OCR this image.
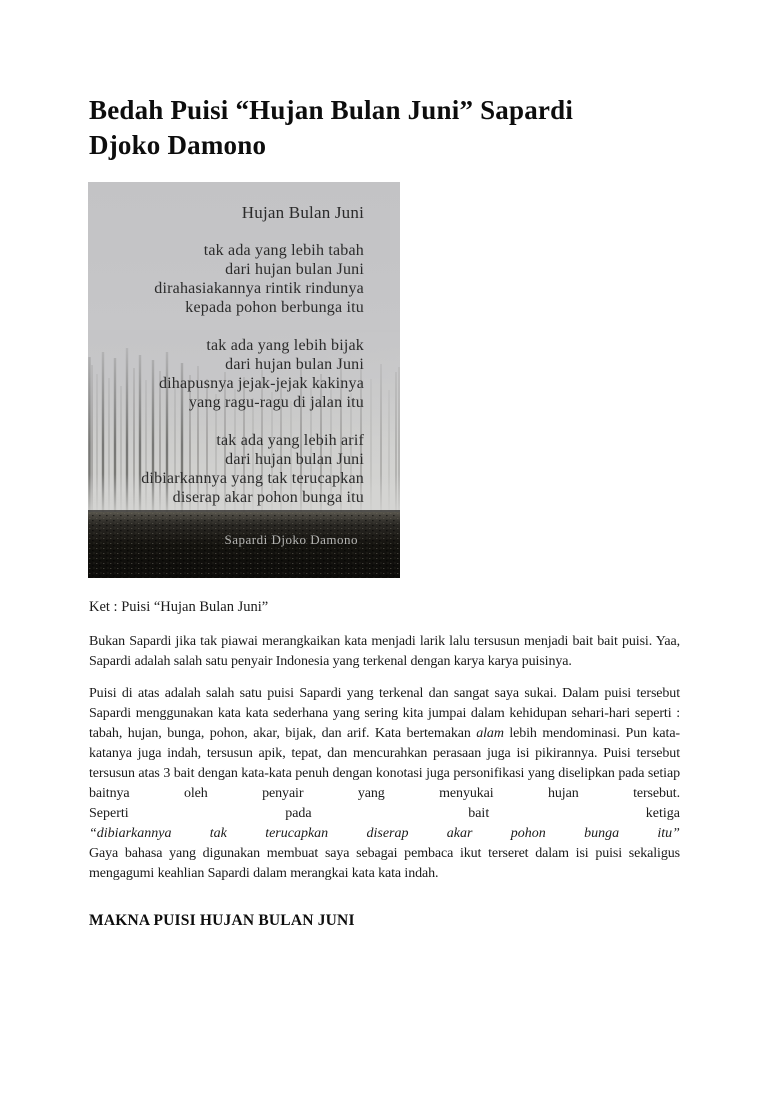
Bedah Puisi “Hujan Bulan Juni” Sapardi
Djoko Damono
Hujan Bulan Juni
tak ada yang lebih tabah
dari hujan bulan Juni
dirahasiakannya rintik rindunya
kepada pohon berbunga itu
tak ada yang lebih bijak
dari hujan bulan Juni
dihapusnya jejak-jejak kakinya
yang ragu-ragu di jalan itu
tak ada yang lebih arif
dari hujan bulan Juni
dibiarkannya yang tak terucapkan
diserap akar pohon bunga itu
Sapardi Djoko Damono

Ket : Puisi “Hujan Bulan Juni”

Bukan Sapardi jika tak piawai merangkaikan kata menjadi larik lalu tersusun menjadi bait bait puisi. Yaa, Sapardi adalah salah satu penyair Indonesia yang terkenal dengan karya karya puisinya.

Puisi di atas adalah salah satu puisi Sapardi yang terkenal dan sangat saya sukai. Dalam puisi tersebut Sapardi menggunakan kata kata sederhana yang sering kita jumpai dalam kehidupan sehari-hari seperti : tabah, hujan, bunga, pohon, akar, bijak, dan arif. Kata bertemakan alam lebih mendominasi. Pun kata-katanya juga indah, tersusun apik, tepat, dan mencurahkan perasaan juga isi pikirannya. Puisi tersebut tersusun atas 3 bait dengan kata-kata penuh dengan konotasi juga personifikasi yang diselipkan pada setiap baitnya oleh penyair yang menyukai hujan tersebut.

Seperti	pada	bait	ketiga
“dibiarkannya	tak	terucapkan	diserap	akar	pohon	bunga	itu”

Gaya bahasa yang digunakan membuat saya sebagai pembaca ikut terseret dalam isi puisi sekaligus mengagumi keahlian Sapardi dalam merangkai kata kata indah.

MAKNA PUISI HUJAN BULAN JUNI
